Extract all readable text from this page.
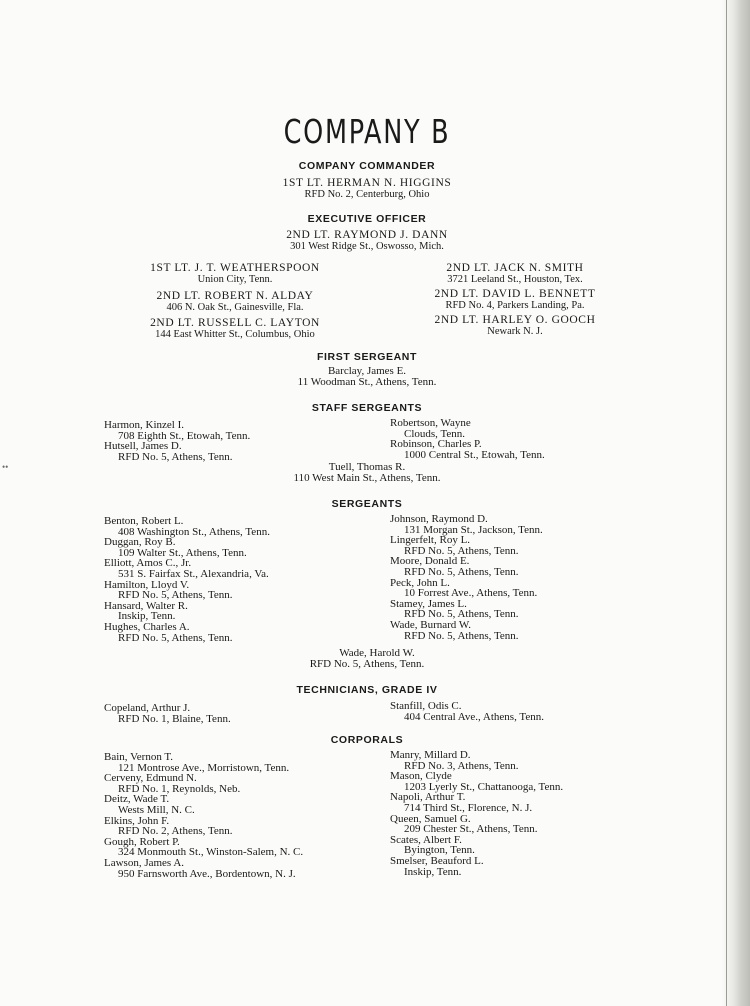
••
COMPANY B
COMPANY COMMANDER
1ST LT. HERMAN N. HIGGINS
RFD No. 2, Centerburg, Ohio
EXECUTIVE OFFICER
2ND LT. RAYMOND J. DANN
301 West Ridge St., Oswosso, Mich.
1ST LT. J. T. WEATHERSPOON
Union City, Tenn.
2ND LT. ROBERT N. ALDAY
406 N. Oak St., Gainesville, Fla.
2ND LT. RUSSELL C. LAYTON
144 East Whitter St., Columbus, Ohio
2ND LT. JACK N. SMITH
3721 Leeland St., Houston, Tex.
2ND LT. DAVID L. BENNETT
RFD No. 4, Parkers Landing, Pa.
2ND LT. HARLEY O. GOOCH
Newark N. J.
FIRST SERGEANT
Barclay, James E.
11 Woodman St., Athens, Tenn.
STAFF SERGEANTS
Harmon, Kinzel I.
708 Eighth St., Etowah, Tenn.
Hutsell, James D.
RFD No. 5, Athens, Tenn.
Robertson, Wayne
Clouds, Tenn.
Robinson, Charles P.
1000 Central St., Etowah, Tenn.
Tuell, Thomas R.
110 West Main St., Athens, Tenn.
SERGEANTS
Benton, Robert L.
408 Washington St., Athens, Tenn.
Duggan, Roy B.
109 Walter St., Athens, Tenn.
Elliott, Amos C., Jr.
531 S. Fairfax St., Alexandria, Va.
Hamilton, Lloyd V.
RFD No. 5, Athens, Tenn.
Hansard, Walter R.
Inskip, Tenn.
Hughes, Charles A.
RFD No. 5, Athens, Tenn.
Johnson, Raymond D.
131 Morgan St., Jackson, Tenn.
Lingerfelt, Roy L.
RFD No. 5, Athens, Tenn.
Moore, Donald E.
RFD No. 5, Athens, Tenn.
Peck, John L.
10 Forrest Ave., Athens, Tenn.
Stamey, James L.
RFD No. 5, Athens, Tenn.
Wade, Burnard W.
RFD No. 5, Athens, Tenn.
Wade, Harold W.
RFD No. 5, Athens, Tenn.
TECHNICIANS, GRADE IV
Copeland, Arthur J.
RFD No. 1, Blaine, Tenn.
Stanfill, Odis C.
404 Central Ave., Athens, Tenn.
CORPORALS
Bain, Vernon T.
121 Montrose Ave., Morristown, Tenn.
Cerveny, Edmund N.
RFD No. 1, Reynolds, Neb.
Deitz, Wade T.
Wests Mill, N. C.
Elkins, John F.
RFD No. 2, Athens, Tenn.
Gough, Robert P.
324 Monmouth St., Winston-Salem, N. C.
Lawson, James A.
950 Farnsworth Ave., Bordentown, N. J.
Manry, Millard D.
RFD No. 3, Athens, Tenn.
Mason, Clyde
1203 Lyerly St., Chattanooga, Tenn.
Napoli, Arthur T.
714 Third St., Florence, N. J.
Queen, Samuel G.
209 Chester St., Athens, Tenn.
Scates, Albert F.
Byington, Tenn.
Smelser, Beauford L.
Inskip, Tenn.
